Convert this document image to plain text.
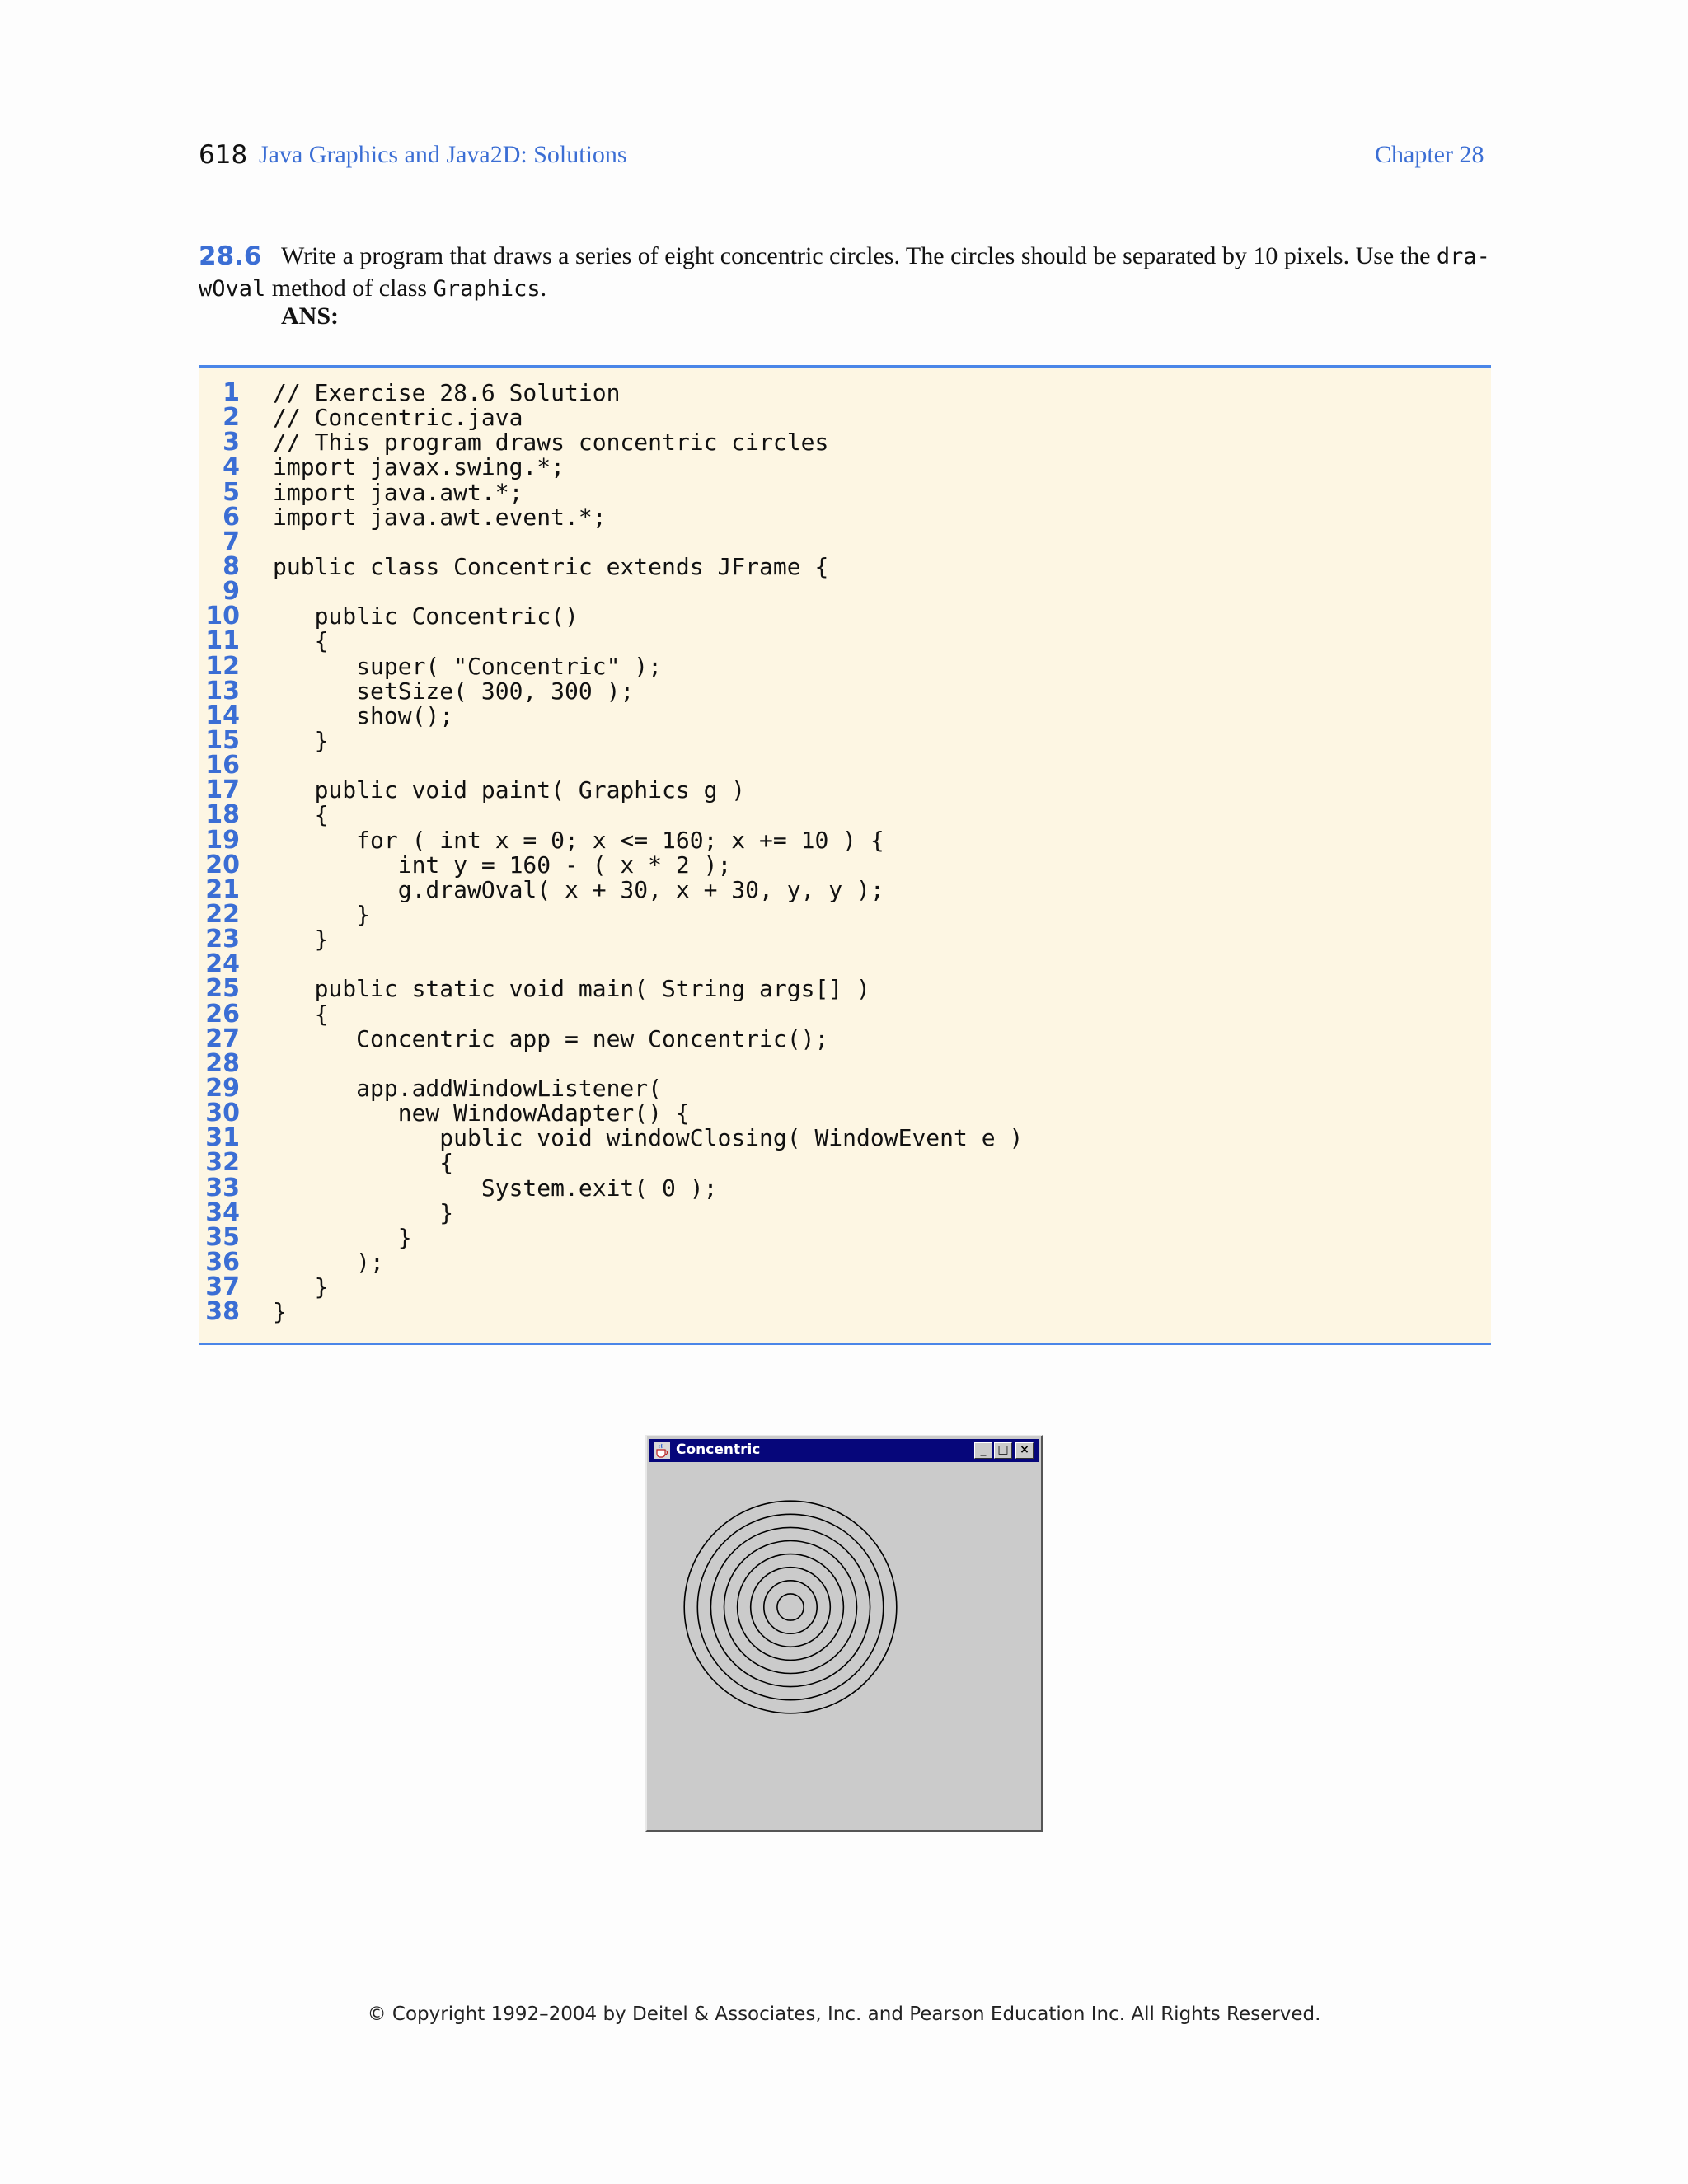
618 Java Graphics and Java2D: Solutions	Chapter 28
Write a program that draws a series of eight concentric circles. The circles should be separated by 10 pixels. Use the dra-wOval method of class Graphics.
28.6
ANS:
1
2
3
4
5
6
7
8
9
10
11
12
13
14
15
16
17
18
19
20
21
22
23
24
25
26
27
28
29
30
31
32
33
34
35
36
37
38
// Exercise 28.6 Solution
// Concentric.java
// This program draws concentric circles
import javax.swing.*;
import java.awt.*;
import java.awt.event.*;
public class Concentric extends JFrame {
public Concentric()
{
super( "Concentric" );
setSize( 300, 300 );
show();
}
public void paint( Graphics g )
{
for ( int x = 0; x <= 160; x += 10 ) {
int y = 160 - ( x * 2 );
g.drawOval( x + 30, x + 30, y, y );
}
}
public static void main( String args[] )
{
Concentric app = new Concentric();
app.addWindowListener(
new WindowAdapter() {
public void windowClosing( WindowEvent e )
{
System.exit( 0 );
}
}
);
}
}
Concentric	_ □ ×
© Copyright 1992–2004 by Deitel & Associates, Inc. and Pearson Education Inc. All Rights Reserved.
